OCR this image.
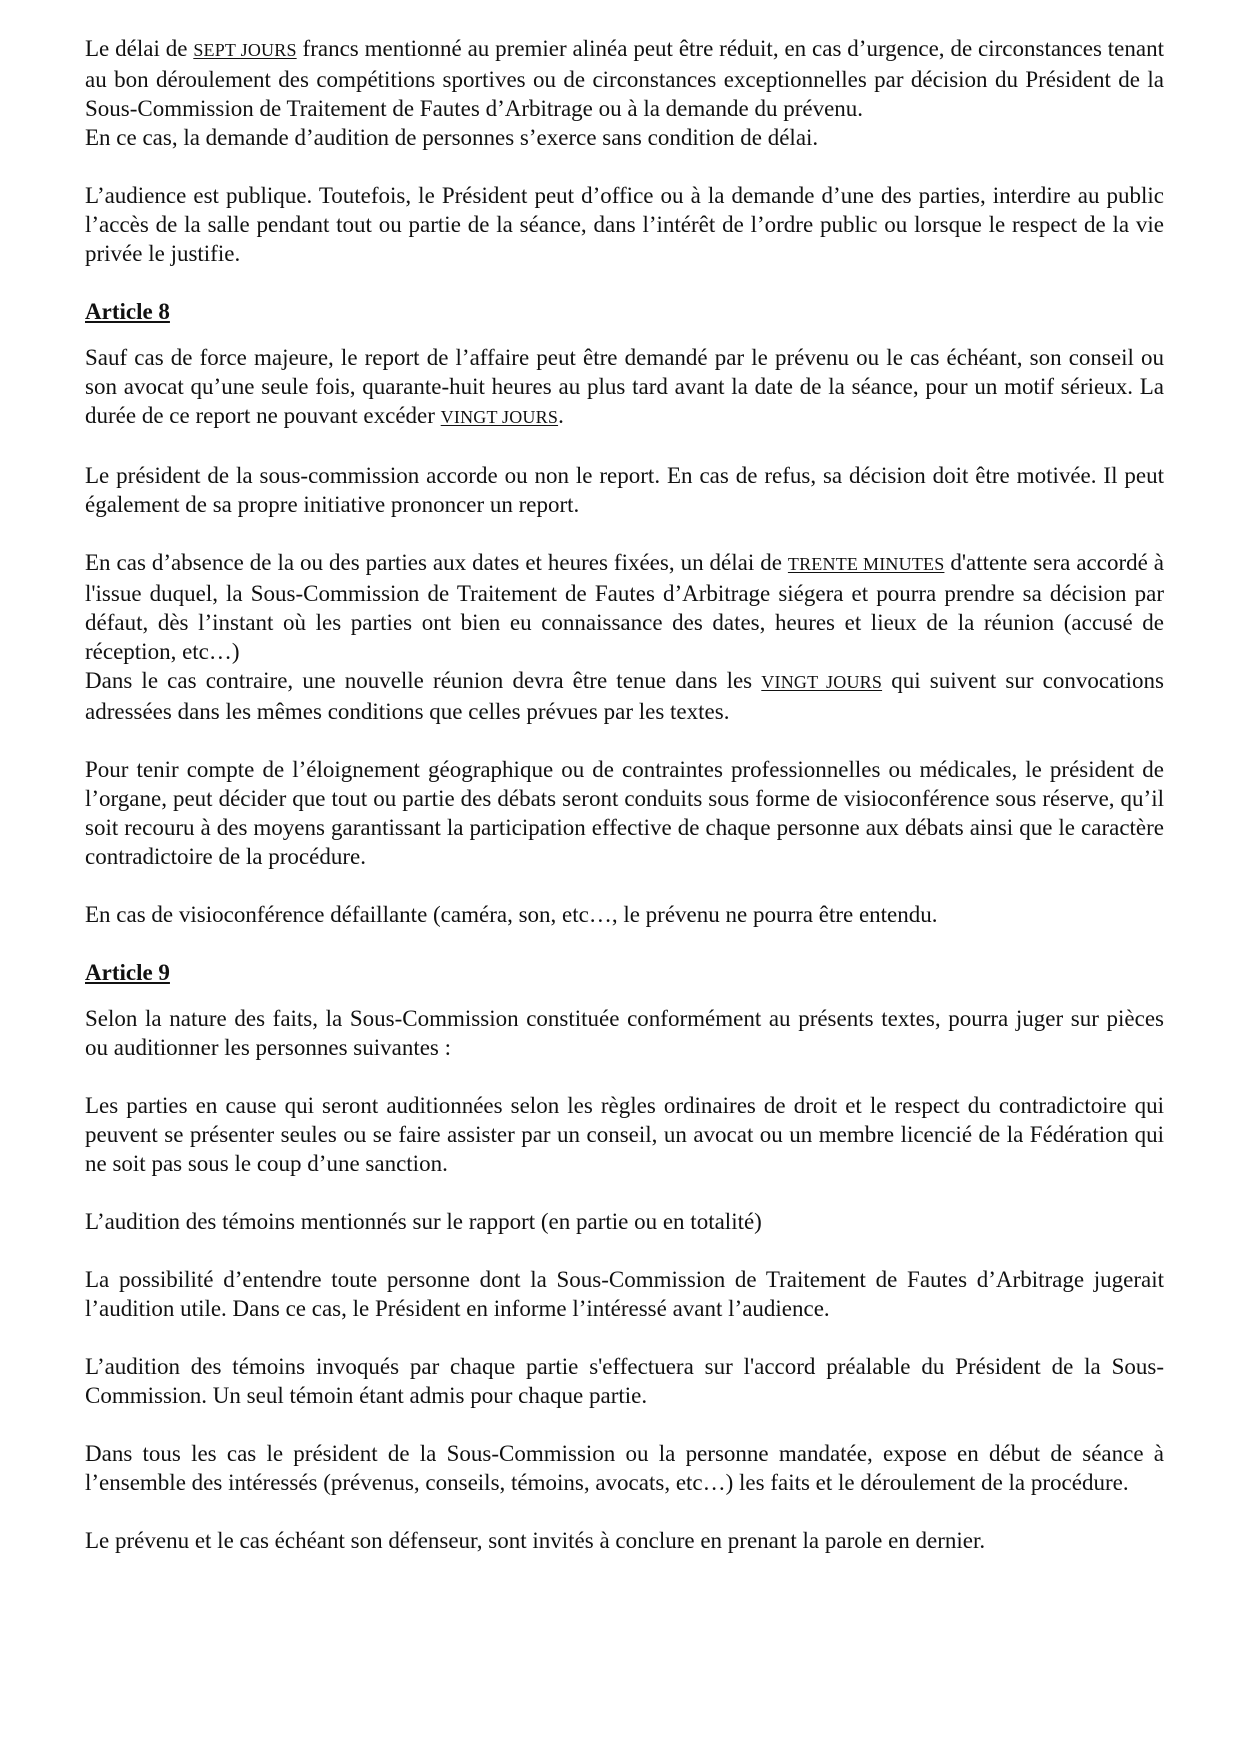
Le délai de SEPT JOURS francs mentionné au premier alinéa peut être réduit, en cas d’urgence, de circonstances tenant au bon déroulement des compétitions sportives ou de circonstances exceptionnelles par décision du Président de la Sous-Commission de Traitement de Fautes d’Arbitrage ou à la demande du prévenu.
En ce cas, la demande d’audition de personnes s’exerce sans condition de délai.

L’audience est publique. Toutefois, le Président peut d’office ou à la demande d’une des parties, interdire au public l’accès de la salle pendant tout ou partie de la séance, dans l’intérêt de l’ordre public ou lorsque le respect de la vie privée le justifie.

Article 8

Sauf cas de force majeure, le report de l’affaire peut être demandé par le prévenu ou le cas échéant, son conseil ou son avocat qu’une seule fois, quarante-huit heures au plus tard avant la date de la séance, pour un motif sérieux. La durée de ce report ne pouvant excéder VINGT JOURS.

Le président de la sous-commission accorde ou non le report. En cas de refus, sa décision doit être motivée. Il peut également de sa propre initiative prononcer un report.

En cas d’absence de la ou des parties aux dates et heures fixées, un délai de TRENTE MINUTES d'attente sera accordé à l'issue duquel, la Sous-Commission de Traitement de Fautes d’Arbitrage siégera et pourra prendre sa décision par défaut, dès l’instant où les parties ont bien eu connaissance des dates, heures et lieux de la réunion (accusé de réception, etc…)
Dans le cas contraire, une nouvelle réunion devra être tenue dans les VINGT JOURS qui suivent sur convocations adressées dans les mêmes conditions que celles prévues par les textes.

Pour tenir compte de l’éloignement géographique ou de contraintes professionnelles ou médicales, le président de l’organe, peut décider que tout ou partie des débats seront conduits sous forme de visioconférence sous réserve, qu’il soit recouru à des moyens garantissant la participation effective de chaque personne aux débats ainsi que le caractère contradictoire de la procédure.

En cas de visioconférence défaillante (caméra, son, etc…, le prévenu ne pourra être entendu.

Article 9

Selon la nature des faits, la Sous-Commission constituée conformément au présents textes, pourra juger sur pièces ou auditionner les personnes suivantes :

Les parties en cause qui seront auditionnées selon les règles ordinaires de droit et le respect du contradictoire qui peuvent se présenter seules ou se faire assister par un conseil, un avocat ou un membre licencié de la Fédération qui ne soit pas sous le coup d’une sanction.

L’audition des témoins mentionnés sur le rapport (en partie ou en totalité)

La possibilité d’entendre toute personne dont la Sous-Commission de Traitement de Fautes d’Arbitrage jugerait l’audition utile. Dans ce cas, le Président en informe l’intéressé avant l’audience.

L’audition des témoins invoqués par chaque partie s'effectuera sur l'accord préalable du Président de la Sous-Commission. Un seul témoin étant admis pour chaque partie.

Dans tous les cas le président de la Sous-Commission ou la personne mandatée, expose en début de séance à l’ensemble des intéressés (prévenus, conseils, témoins, avocats, etc…) les faits et le déroulement de la procédure.

Le prévenu et le cas échéant son défenseur, sont invités à conclure en prenant la parole en dernier.
